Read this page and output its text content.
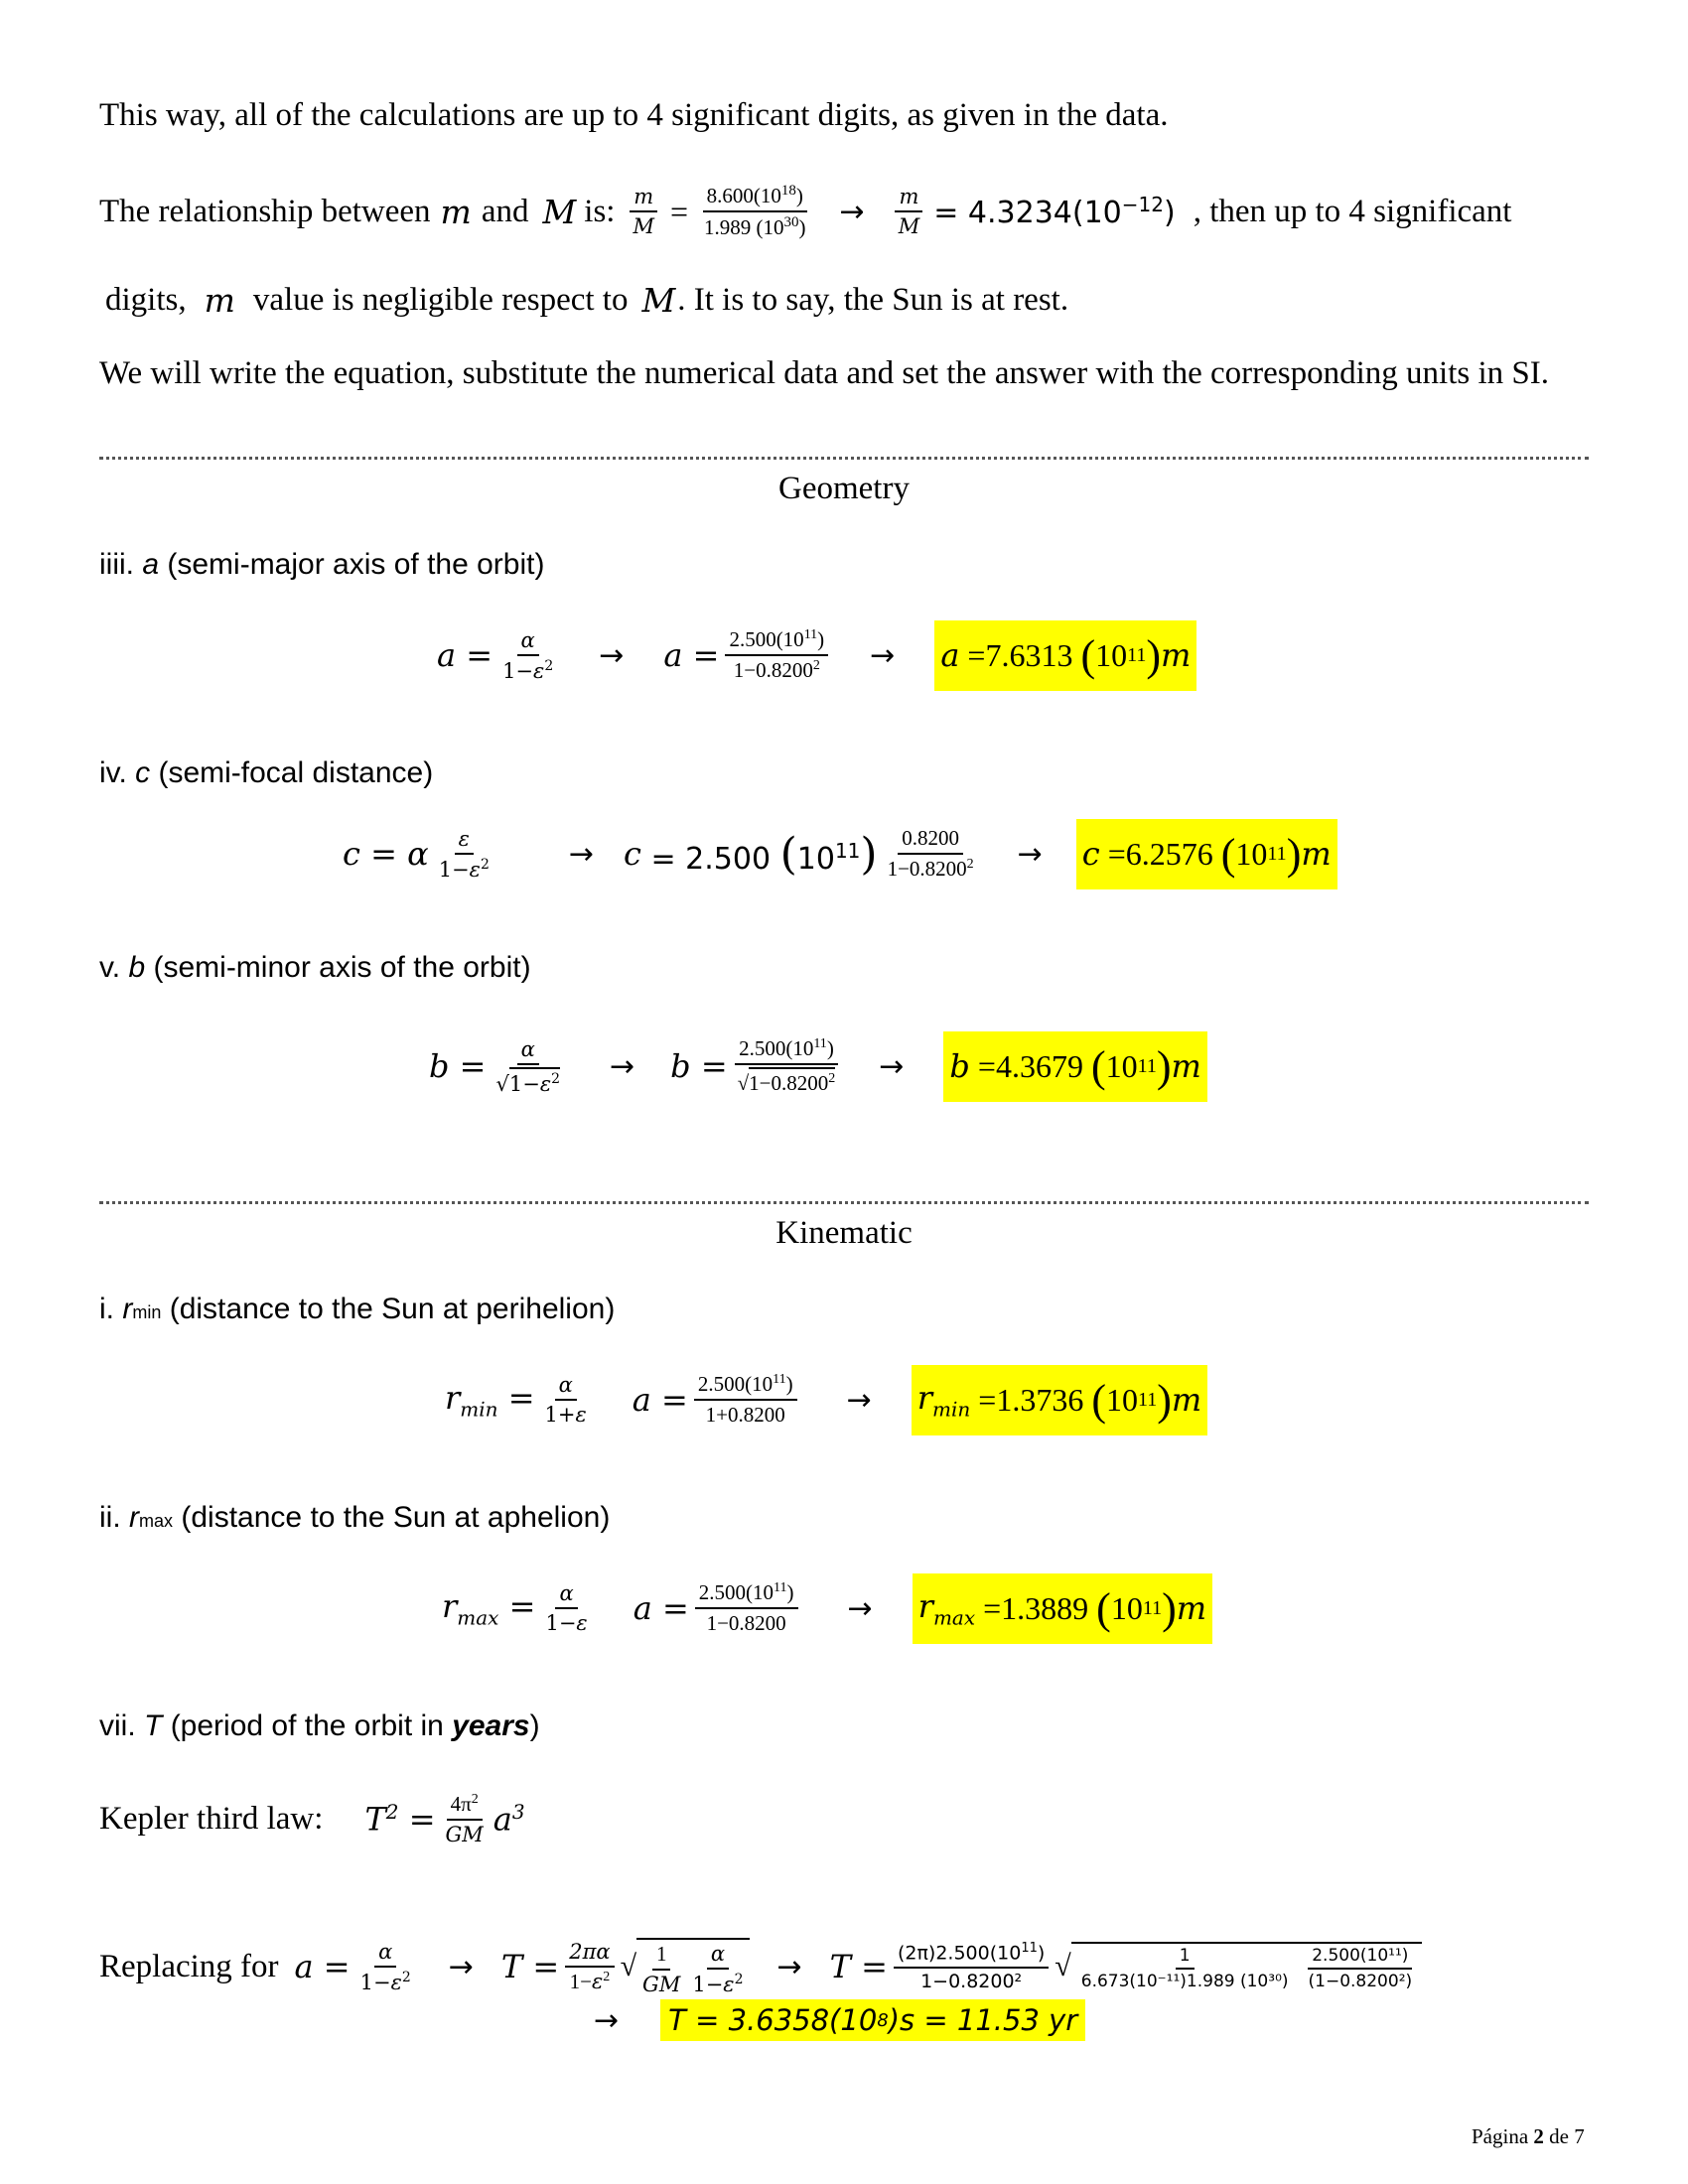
This way, all of the calculations are up to 4 significant digits, as given in the data.
The relationship between m and M is: $\frac{m}{M} = \frac{8.600(10^{18})}{1.989 (10^{30})} \to \frac{m}{M} = 4.3234(10^{-12})$ , then up to 4 significant
digits, m value is negligible respect to M . It is to say, the Sun is at rest.
We will write the equation, substitute the numerical data and set the answer with the corresponding units in SI.
Geometry
iiii. a (semi-major axis of the orbit)
$a = \frac{\alpha}{1-\varepsilon^2} \to a = \frac{2.500(10^{11})}{1-0.8200^2} \to a = 7.6313$
( 10 11 ) m
iv. c (semi-focal distance)
c = α $\frac{\varepsilon}{1-\varepsilon^2}$	→ c = 2.500 $(10^{11}) \frac{0.8200}{1-0.8200^2} \to c = 6.2576$
( 10 11 ) m
v. b (semi-minor axis of the orbit)
$b = \frac{\alpha}{√1-\varepsilon^2} \to b = \frac{2.500(10^{11})}{√1-0.8200^2} \to b = 4.3679$
( 10 11 ) m
Kinematic
i. rmin (distance to the Sun at perihelion)
$r_{min} = \frac{\alpha}{1+\varepsilon}$ $a = \frac{2.500(10^{11})}{1+0.8200} \to r_{min} = 1.3736$
( 10 11 ) m
ii. rmax (distance to the Sun at aphelion)
$r_{max} = \frac{\alpha}{1-\varepsilon}$ $a = \frac{2.500(10^{11})}{1-0.8200} \to r_{max} = 1.3889$
( 10 11 ) m
vii. T (period of the orbit in years)
Kepler third law: $T^2 = \frac{4\pi^2}{GM} a^3$
Replacing for $a = \frac{\alpha}{1-\varepsilon^2} \to T = \frac{2\pi\alpha}{1-\varepsilon^2}$ √ $\frac{1}{GM} \frac{\alpha}{1-\varepsilon^2} \to T = \frac{(2\pi)2.500(10^{11})}{\text{1−0.8200²}}$ √ $\frac{1}{\text{6.673(10⁻¹¹)1.989 (10³⁰)}} \frac{\text{2.500(10¹¹)}}{\text{(1−0.8200²)}}$
→ T = 3.6358(10 8 )s = 11.53 yr
Página 2 de 7
